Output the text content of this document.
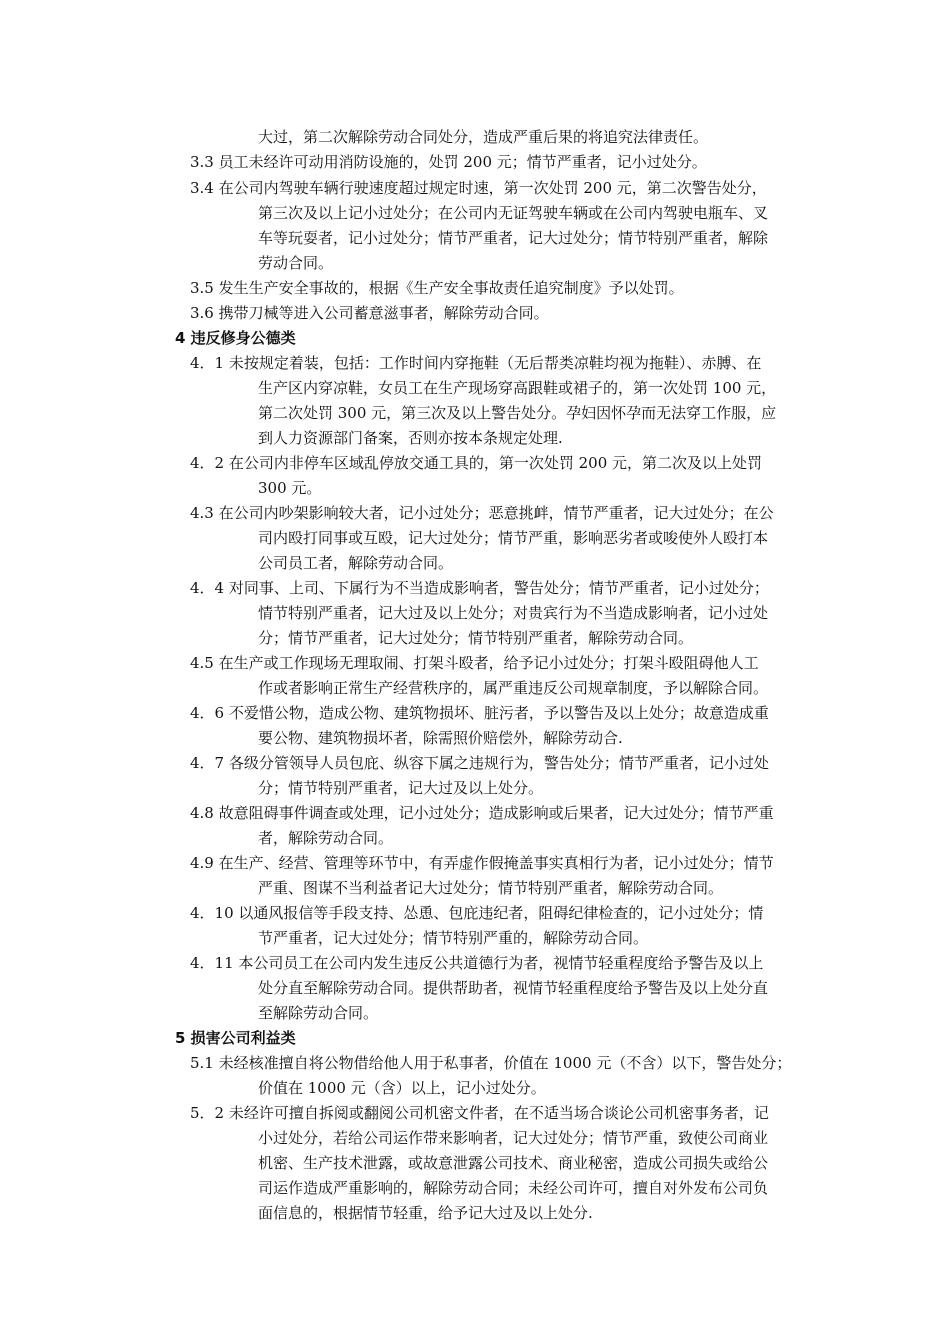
大过，第二次解除劳动合同处分，造成严重后果的将追究法律责任。
3.3 员工未经许可动用消防设施的，处罚 200 元；情节严重者，记小过处分。
3.4 在公司内驾驶车辆行驶速度超过规定时速，第一次处罚 200 元，第二次警告处分，
第三次及以上记小过处分；在公司内无证驾驶车辆或在公司内驾驶电瓶车、叉
车等玩耍者，记小过处分；情节严重者，记大过处分；情节特别严重者，解除
劳动合同。
3.5 发生生产安全事故的，根据《生产安全事故责任追究制度》予以处罚。
3.6 携带刀械等进入公司蓄意滋事者，解除劳动合同。
4 违反修身公德类
4．1 未按规定着装，包括：工作时间内穿拖鞋（无后帮类凉鞋均视为拖鞋）、赤膊、在
生产区内穿凉鞋，女员工在生产现场穿高跟鞋或裙子的，第一次处罚 100 元，
第二次处罚 300 元，第三次及以上警告处分。孕妇因怀孕而无法穿工作服，应
到人力资源部门备案，否则亦按本条规定处理.
4．2 在公司内非停车区域乱停放交通工具的，第一次处罚 200 元，第二次及以上处罚
300 元。
4.3 在公司内吵架影响较大者，记小过处分；恶意挑衅，情节严重者，记大过处分；在公
司内殴打同事或互殴，记大过处分；情节严重，影响恶劣者或唆使外人殴打本
公司员工者，解除劳动合同。
4．4 对同事、上司、下属行为不当造成影响者，警告处分；情节严重者，记小过处分；
情节特别严重者，记大过及以上处分；对贵宾行为不当造成影响者，记小过处
分；情节严重者，记大过处分；情节特别严重者，解除劳动合同。
4.5 在生产或工作现场无理取闹、打架斗殴者，给予记小过处分；打架斗殴阻碍他人工
作或者影响正常生产经营秩序的，属严重违反公司规章制度，予以解除合同。
4．6 不爱惜公物，造成公物、建筑物损坏、脏污者，予以警告及以上处分；故意造成重
要公物、建筑物损坏者，除需照价赔偿外，解除劳动合.
4．7 各级分管领导人员包庇、纵容下属之违规行为，警告处分；情节严重者，记小过处
分；情节特别严重者，记大过及以上处分。
4.8 故意阻碍事件调查或处理，记小过处分；造成影响或后果者，记大过处分；情节严重
者，解除劳动合同。
4.9 在生产、经营、管理等环节中，有弄虚作假掩盖事实真相行为者，记小过处分；情节
严重、图谋不当利益者记大过处分；情节特别严重者，解除劳动合同。
4．10 以通风报信等手段支持、怂恿、包庇违纪者，阻碍纪律检查的，记小过处分；情
节严重者，记大过处分；情节特别严重的，解除劳动合同。
4．11 本公司员工在公司内发生违反公共道德行为者，视情节轻重程度给予警告及以上
处分直至解除劳动合同。提供帮助者，视情节轻重程度给予警告及以上处分直
至解除劳动合同。
5 损害公司利益类
5.1 未经核准擅自将公物借给他人用于私事者，价值在 1000 元（不含）以下，警告处分；
价值在 1000 元（含）以上，记小过处分。
5．2 未经许可擅自拆阅或翻阅公司机密文件者，在不适当场合谈论公司机密事务者，记
小过处分，若给公司运作带来影响者，记大过处分；情节严重，致使公司商业
机密、生产技术泄露，或故意泄露公司技术、商业秘密，造成公司损失或给公
司运作造成严重影响的，解除劳动合同；未经公司许可，擅自对外发布公司负
面信息的，根据情节轻重，给予记大过及以上处分.
